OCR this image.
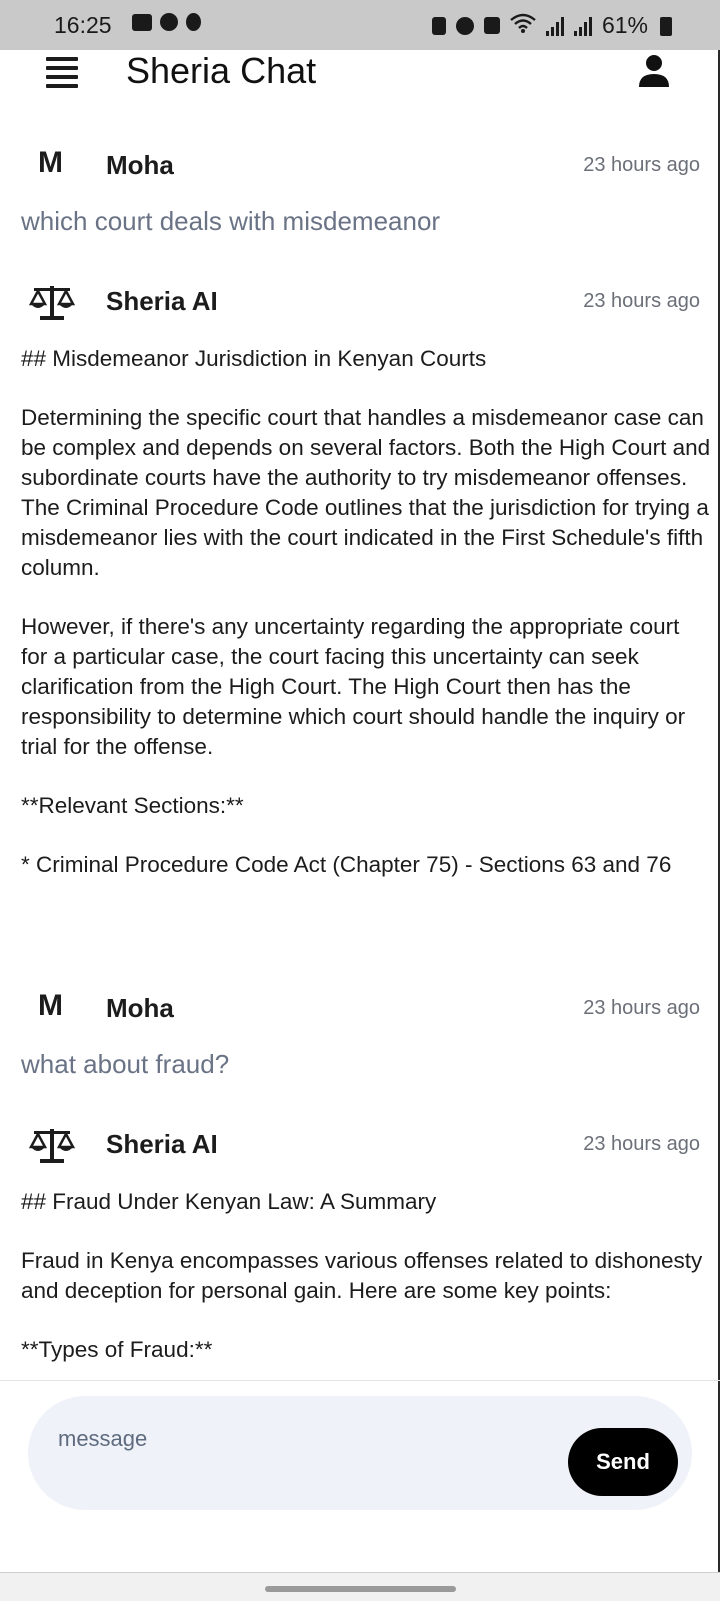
16:25	61%
Sheria Chat
M Moha	23 hours ago
which court deals with misdemeanor
Sheria AI	23 hours ago

## Misdemeanor Jurisdiction in Kenyan Courts

Determining the specific court that handles a misdemeanor case can be complex and depends on several factors. Both the High Court and subordinate courts have the authority to try misdemeanor offenses. The Criminal Procedure Code outlines that the jurisdiction for trying a misdemeanor lies with the court indicated in the First Schedule's fifth column.

However, if there's any uncertainty regarding the appropriate court for a particular case, the court facing this uncertainty can seek clarification from the High Court. The High Court then has the responsibility to determine which court should handle the inquiry or trial for the offense.

**Relevant Sections:**

* Criminal Procedure Code Act (Chapter 75) - Sections 63 and 76

M Moha	23 hours ago
what about fraud?
Sheria AI	23 hours ago

## Fraud Under Kenyan Law: A Summary

Fraud in Kenya encompasses various offenses related to dishonesty and deception for personal gain. Here are some key points:

**Types of Fraud:**

message
Send
